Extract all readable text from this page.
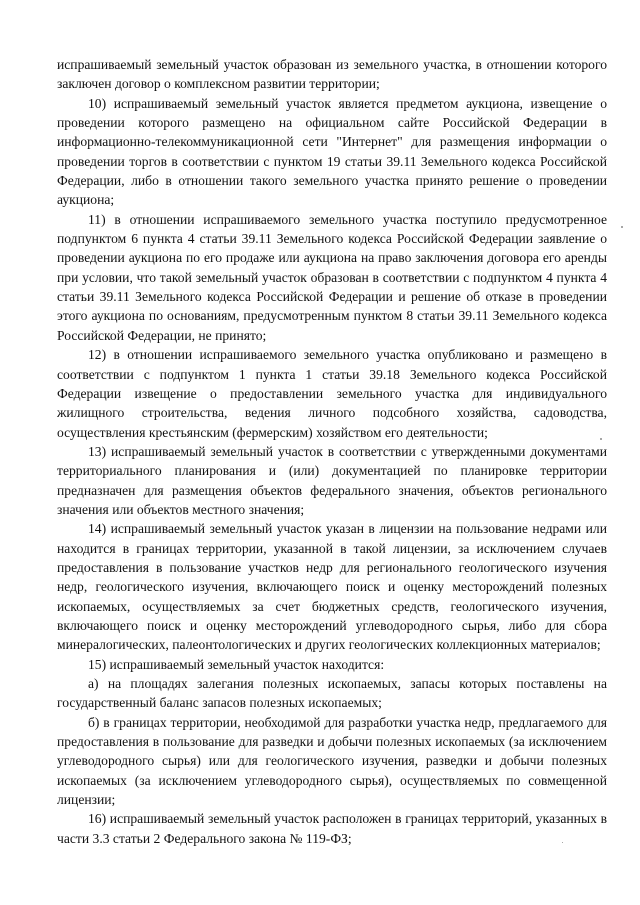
испрашиваемый земельный участок образован из земельного участка, в отношении которого заключен договор о комплексном развитии территории;

10) испрашиваемый земельный участок является предметом аукциона, извещение о проведении которого размещено на официальном сайте Российской Федерации в информационно-телекоммуникационной сети "Интернет" для размещения информации о проведении торгов в соответствии с пунктом 19 статьи 39.11 Земельного кодекса Российской Федерации, либо в отношении такого земельного участка принято решение о проведении аукциона;

11) в отношении испрашиваемого земельного участка поступило предусмотренное подпунктом 6 пункта 4 статьи 39.11 Земельного кодекса Российской Федерации заявление о проведении аукциона по его продаже или аукциона на право заключения договора его аренды при условии, что такой земельный участок образован в соответствии с подпунктом 4 пункта 4 статьи 39.11 Земельного кодекса Российской Федерации и решение об отказе в проведении этого аукциона по основаниям, предусмотренным пунктом 8 статьи 39.11 Земельного кодекса Российской Федерации, не принято;

12) в отношении испрашиваемого земельного участка опубликовано и размещено в соответствии с подпунктом 1 пункта 1 статьи 39.18 Земельного кодекса Российской Федерации извещение о предоставлении земельного участка для индивидуального жилищного строительства, ведения личного подсобного хозяйства, садоводства, осуществления крестьянским (фермерским) хозяйством его деятельности;

13) испрашиваемый земельный участок в соответствии с утвержденными документами территориального планирования и (или) документацией по планировке территории предназначен для размещения объектов федерального значения, объектов регионального значения или объектов местного значения;

14) испрашиваемый земельный участок указан в лицензии на пользование недрами или находится в границах территории, указанной в такой лицензии, за исключением случаев предоставления в пользование участков недр для регионального геологического изучения недр, геологического изучения, включающего поиск и оценку месторождений полезных ископаемых, осуществляемых за счет бюджетных средств, геологического изучения, включающего поиск и оценку месторождений углеводородного сырья, либо для сбора минералогических, палеонтологических и других геологических коллекционных материалов;

15) испрашиваемый земельный участок находится:

а) на площадях залегания полезных ископаемых, запасы которых поставлены на государственный баланс запасов полезных ископаемых;

б) в границах территории, необходимой для разработки участка недр, предлагаемого для предоставления в пользование для разведки и добычи полезных ископаемых (за исключением углеводородного сырья) или для геологического изучения, разведки и добычи полезных ископаемых (за исключением углеводородного сырья), осуществляемых по совмещенной лицензии;

16) испрашиваемый земельный участок расположен в границах территорий, указанных в части 3.3 статьи 2 Федерального закона № 119-ФЗ;
